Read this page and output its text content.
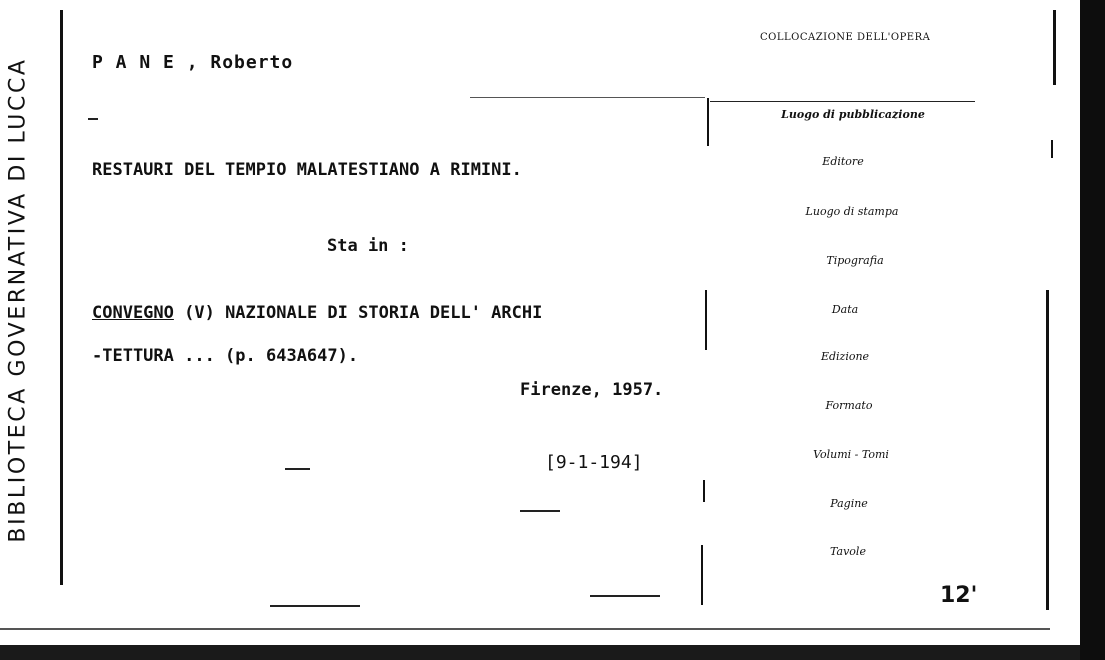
BIBLIOTECA GOVERNATIVA DI LUCCA	P A N E , Roberto
RESTAURI DEL TEMPIO MALATESTIANO A RIMINI.
Sta in :
CONVEGNO (V) NAZIONALE DI STORIA DELL' ARCHI
-TETTURA ... (p. 643A647).
Firenze, 1957.
[9-1-194]
COLLOCAZIONE DELL'OPERA
Luogo di pubblicazione
Editore
Luogo di stampa
Tipografia
Data
Edizione
Formato
Volumi - Tomi
Pagine
Tavole
12'
